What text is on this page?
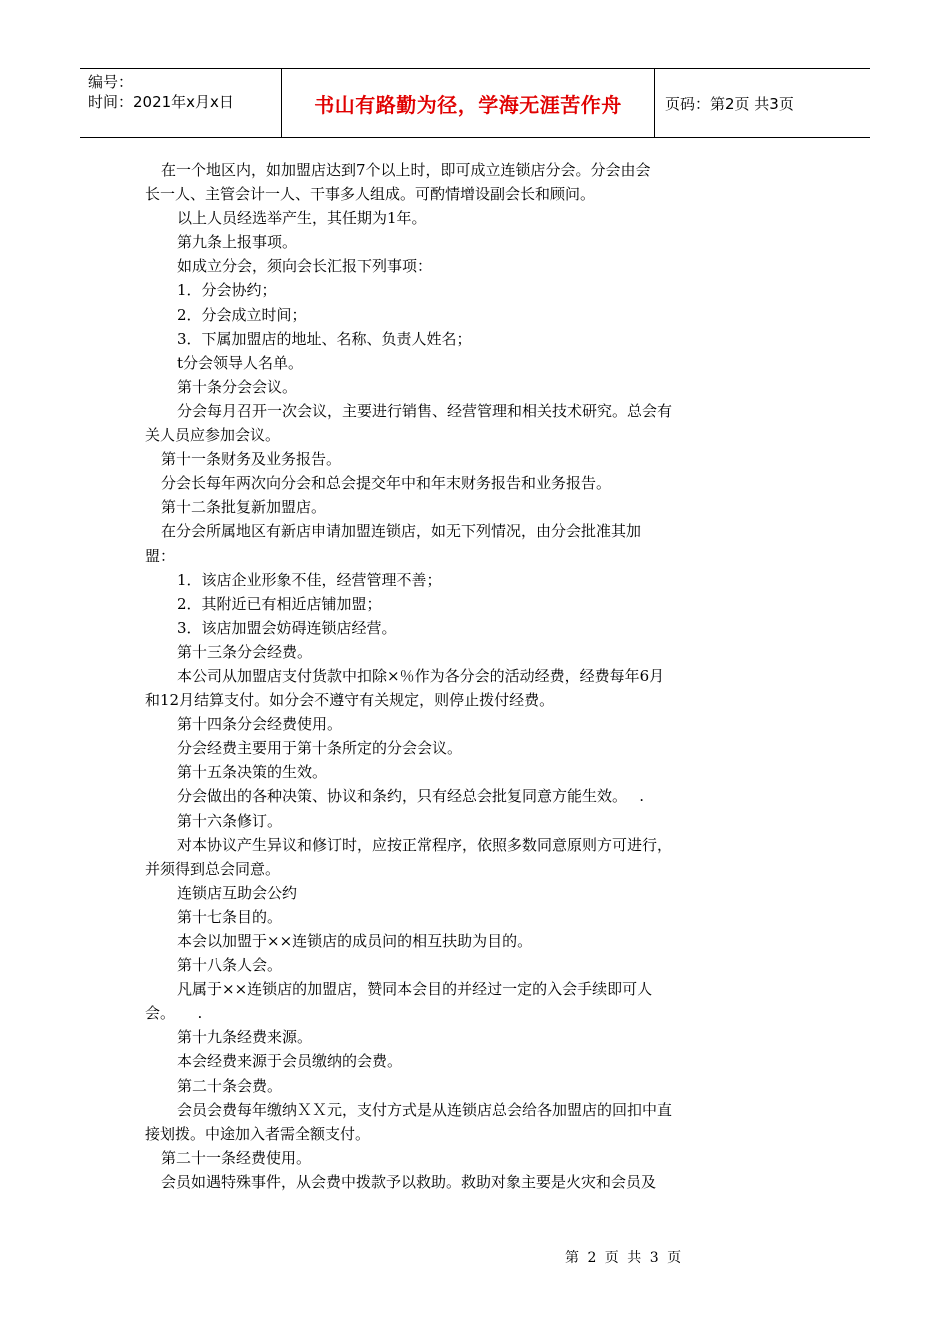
编号：
时间：2021年x月x日	书山有路勤为径，学海无涯苦作舟	页码：第2页 共3页

在一个地区内，如加盟店达到7个以上时，即可成立连锁店分会。分会由会

长一人、主管会计一人、干事多人组成。可酌情增设副会长和顾问。

以上人员经选举产生，其任期为1年。

第九条上报事项。

如成立分会，须向会长汇报下列事项：

1．分会协约；

2．分会成立时间；

3．下属加盟店的地址、名称、负责人姓名；

t分会领导人名单。

第十条分会会议。

分会每月召开一次会议，主要进行销售、经营管理和相关技术研究。总会有

关人员应参加会议。

第十一条财务及业务报告。

分会长每年两次向分会和总会提交年中和年末财务报告和业务报告。

第十二条批复新加盟店。

在分会所属地区有新店申请加盟连锁店，如无下列情况，由分会批准其加

盟：

1．该店企业形象不佳，经营管理不善；

2．其附近已有相近店铺加盟；

3．该店加盟会妨碍连锁店经营。

第十三条分会经费。

本公司从加盟店支付货款中扣除×％作为各分会的活动经费，经费每年6月

和12月结算支付。如分会不遵守有关规定，则停止拨付经费。

第十四条分会经费使用。

分会经费主要用于第十条所定的分会会议。

第十五条决策的生效。

分会做出的各种决策、协议和条约，只有经总会批复同意方能生效。　 .

第十六条修订。

对本协议产生异议和修订时，应按正常程序，依照多数同意原则方可进行，

并须得到总会同意。

连锁店互助会公约

第十七条目的。

本会以加盟于××连锁店的成员问的相互扶助为目的。

第十八条人会。

凡属于××连锁店的加盟店，赞同本会目的并经过一定的入会手续即可人

会。　　.

第十九条经费来源。

本会经费来源于会员缴纳的会费。

第二十条会费。

会员会费每年缴纳ＸＸ元，支付方式是从连锁店总会给各加盟店的回扣中直

接划拨。中途加入者需全额支付。

第二十一条经费使用。

会员如遇特殊事件，从会费中拨款予以救助。救助对象主要是火灾和会员及

第 2 页 共 3 页
